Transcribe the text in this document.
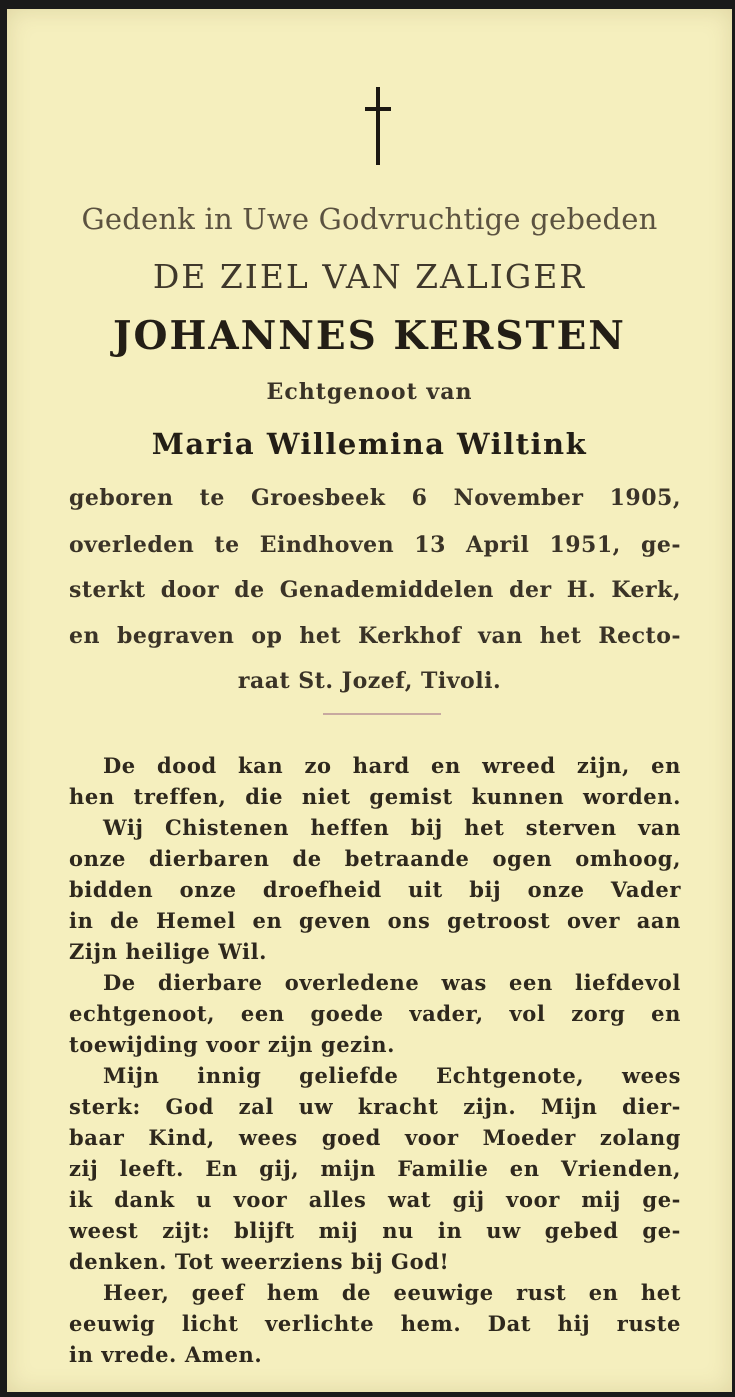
Gedenk in Uwe Godvruchtige gebeden
DE ZIEL VAN ZALIGER
JOHANNES KERSTEN
Echtgenoot van
Maria Willemina Wiltink
geboren te Groesbeek 6 November 1905,
overleden te Eindhoven 13 April 1951, ge-
sterkt door de Genademiddelen der H. Kerk,
en begraven op het Kerkhof van het Recto-
raat St. Jozef, Tivoli.
De dood kan zo hard en wreed zijn, en
hen treffen, die niet gemist kunnen worden.
Wij Chistenen heffen bij het sterven van
onze dierbaren de betraande ogen omhoog,
bidden onze droefheid uit bij onze Vader
in de Hemel en geven ons getroost over aan
Zijn heilige Wil.
De dierbare overledene was een liefdevol
echtgenoot, een goede vader, vol zorg en
toewijding voor zijn gezin.
Mijn innig geliefde Echtgenote, wees
sterk: God zal uw kracht zijn. Mijn dier-
baar Kind, wees goed voor Moeder zolang
zij leeft. En gij, mijn Familie en Vrienden,
ik dank u voor alles wat gij voor mij ge-
weest zijt: blijft mij nu in uw gebed ge-
denken. Tot weerziens bij God!
Heer, geef hem de eeuwige rust en het
eeuwig licht verlichte hem. Dat hij ruste
in vrede. Amen.
